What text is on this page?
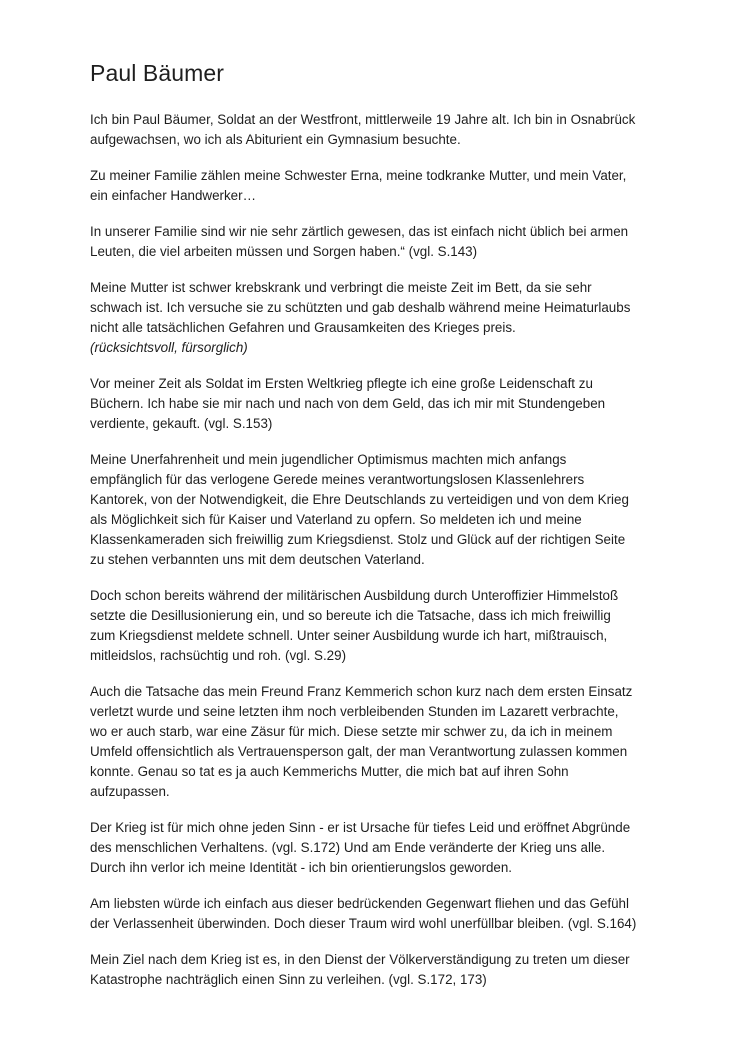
Paul Bäumer

Ich bin Paul Bäumer, Soldat an der Westfront, mittlerweile 19 Jahre alt. Ich bin in Osnabrück
aufgewachsen, wo ich als Abiturient ein Gymnasium besuchte.

Zu meiner Familie zählen meine Schwester Erna, meine todkranke Mutter, und mein Vater,
ein einfacher Handwerker…

In unserer Familie sind wir nie sehr zärtlich gewesen, das ist einfach nicht üblich bei armen
Leuten, die viel arbeiten müssen und Sorgen haben.“ (vgl. S.143)

Meine Mutter ist schwer krebskrank und verbringt die meiste Zeit im Bett, da sie sehr
schwach ist. Ich versuche sie zu schützten und gab deshalb während meine Heimaturlaubs
nicht alle tatsächlichen Gefahren und Grausamkeiten des Krieges preis.
(rücksichtsvoll, fürsorglich)

Vor meiner Zeit als Soldat im Ersten Weltkrieg pflegte ich eine große Leidenschaft zu
Büchern. Ich habe sie mir nach und nach von dem Geld, das ich mir mit Stundengeben
verdiente, gekauft. (vgl. S.153)

Meine Unerfahrenheit und mein jugendlicher Optimismus machten mich anfangs
empfänglich für das verlogene Gerede meines verantwortungslosen Klassenlehrers
Kantorek, von der Notwendigkeit, die Ehre Deutschlands zu verteidigen und von dem Krieg
als Möglichkeit sich für Kaiser und Vaterland zu opfern. So meldeten ich und meine
Klassenkameraden sich freiwillig zum Kriegsdienst. Stolz und Glück auf der richtigen Seite
zu stehen verbannten uns mit dem deutschen Vaterland.

Doch schon bereits während der militärischen Ausbildung durch Unteroffizier Himmelstoß
setzte die Desillusionierung ein, und so bereute ich die Tatsache, dass ich mich freiwillig
zum Kriegsdienst meldete schnell. Unter seiner Ausbildung wurde ich hart, mißtrauisch,
mitleidslos, rachsüchtig und roh. (vgl. S.29)

Auch die Tatsache das mein Freund Franz Kemmerich schon kurz nach dem ersten Einsatz
verletzt wurde und seine letzten ihm noch verbleibenden Stunden im Lazarett verbrachte,
wo er auch starb, war eine Zäsur für mich. Diese setzte mir schwer zu, da ich in meinem
Umfeld offensichtlich als Vertrauensperson galt, der man Verantwortung zulassen kommen
konnte. Genau so tat es ja auch Kemmerichs Mutter, die mich bat auf ihren Sohn
aufzupassen.

Der Krieg ist für mich ohne jeden Sinn - er ist Ursache für tiefes Leid und eröffnet Abgründe
des menschlichen Verhaltens. (vgl. S.172) Und am Ende veränderte der Krieg uns alle.
Durch ihn verlor ich meine Identität - ich bin orientierungslos geworden.

Am liebsten würde ich einfach aus dieser bedrückenden Gegenwart fliehen und das Gefühl
der Verlassenheit überwinden. Doch dieser Traum wird wohl unerfüllbar bleiben. (vgl. S.164)

Mein Ziel nach dem Krieg ist es, in den Dienst der Völkerverständigung zu treten um dieser
Katastrophe nachträglich einen Sinn zu verleihen. (vgl. S.172, 173)
